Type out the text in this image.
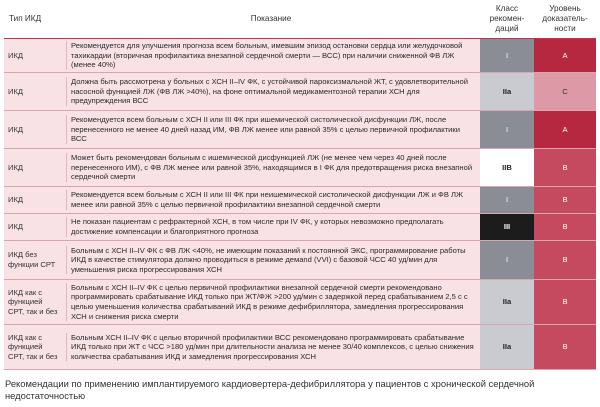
Тип ИКД	Показание	Класс рекомен-даций	Уровень доказатель-ности
ИКД	Рекомендуется для улучшения прогноза всем больным, имевшим эпизод остановки сердца или желудочковой тахикардии (вторичная профилактика внезапной сердечной смерти — ВСС) при наличии сниженной ФВ ЛЖ (менее 40%)	I	A
ИКД	Должна быть рассмотрена у больных с ХСН II–IV ФК, с устойчивой пароксизмальной ЖТ, с удовлетворительной насосной функцией ЛЖ (ФВ ЛЖ >40%), на фоне оптимальной медикаментозной терапии ХСН для предупреждения ВСС	IIa	C
ИКД	Рекомендуется всем больным с ХСН II или III ФК при ишемической систолической дисфункции ЛЖ, после перенесенного не менее 40 дней назад ИМ, ФВ ЛЖ менее или равной 35% с целью первичной профилактики ВСС	I	A
ИКД	Может быть рекомендован больным с ишемической дисфункцией ЛЖ (не менее чем через 40 дней после перенесенного ИМ), с ФВ ЛЖ менее или равной 35%, находящимся в I ФК для предотвращения риска внезапной сердечной смерти	IIB	B
ИКД	Рекомендуется всем больным с ХСН II или III ФК при неишемической систолической дисфункции ЛЖ и ФВ ЛЖ менее или равной 35% с целью первичной профилактики внезапной сердечной смерти	I	B
ИКД	Не показан пациентам с рефрактерной ХСН, в том числе при IV ФК, у которых невозможно предполагать достижение компенсации и благоприятного прогноза	III	B
ИКД без функции СРТ	Больным с ХСН II–IV ФК с ФВ ЛЖ <40%, не имеющим показаний к постоянной ЭКС, программирование работы ИКД в качестве стимулятора должно проводиться в режиме демand (VVI) с базовой ЧСС 40 уд/мин для уменьшения риска прогрессирования ХСН	I	B
ИКД как с функцией СРТ, так и без	Больным с ХСН II–IV ФК с целью первичной профилактики внезапной сердечной смерти рекомендовано программировать срабатывание ИКД только при ЖТ/ФЖ >200 уд/мин с задержкой перед срабатыванием 2,5 с с целью уменьшения количества срабатываний ИКД в режиме дефибриллятора, замедления прогрессирования ХСН и снижения риска смерти	IIa	B
ИКД как с функцией СРТ, так и без	Больным ХСН II–IV ФК с целью вторичной профилактики ВСС рекомендовано программировать срабатывание ИКД только при ЖТ с ЧСС >180 уд/мин при длительности анализа не менее 30/40 комплексов, с целью снижения количества срабатывания ИКД и замедления прогрессирования ХСН	IIa	B
Рекомендации по применению имплантируемого кардиовертера-дефибриллятора у пациентов с хронической сердечной недостаточностью
